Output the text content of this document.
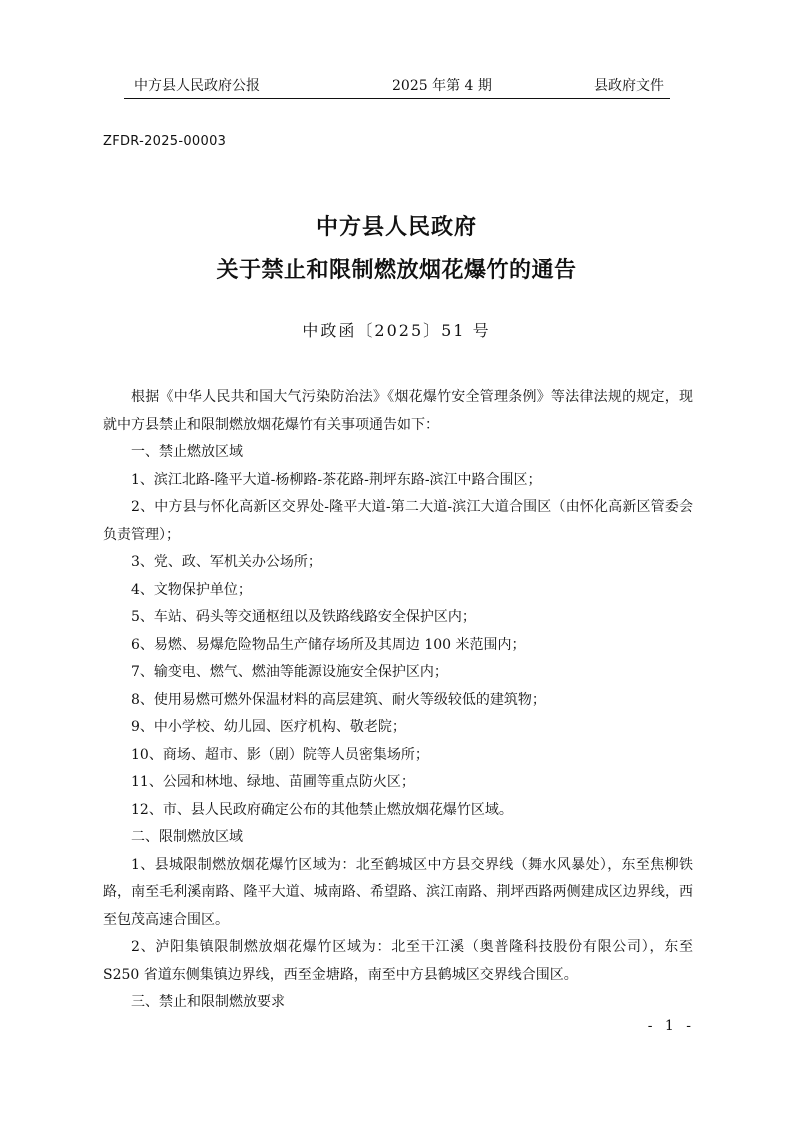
中方县人民政府公报	2025 年第 4 期	县政府文件
ZFDR-2025-00003
中方县人民政府
关于禁止和限制燃放烟花爆竹的通告
中政函〔2025〕51 号

根据《中华人民共和国大气污染防治法》《烟花爆竹安全管理条例》等法律法规的规定，现就中方县禁止和限制燃放烟花爆竹有关事项通告如下：

一、禁止燃放区域

1、滨江北路-隆平大道-杨柳路-茶花路-荆坪东路-滨江中路合围区；

2、中方县与怀化高新区交界处-隆平大道-第二大道-滨江大道合围区（由怀化高新区管委会负责管理）；

3、党、政、军机关办公场所；

4、文物保护单位；

5、车站、码头等交通枢纽以及铁路线路安全保护区内；

6、易燃、易爆危险物品生产储存场所及其周边 100 米范围内；

7、输变电、燃气、燃油等能源设施安全保护区内；

8、使用易燃可燃外保温材料的高层建筑、耐火等级较低的建筑物；

9、中小学校、幼儿园、医疗机构、敬老院；

10、商场、超市、影（剧）院等人员密集场所；

11、公园和林地、绿地、苗圃等重点防火区；

12、市、县人民政府确定公布的其他禁止燃放烟花爆竹区域。

二、限制燃放区域

1、县城限制燃放烟花爆竹区域为：北至鹤城区中方县交界线（舞水风暴处），东至焦柳铁路，南至毛利溪南路、隆平大道、城南路、希望路、滨江南路、荆坪西路两侧建成区边界线，西至包茂高速合围区。

2、泸阳集镇限制燃放烟花爆竹区域为：北至干江溪（奥普隆科技股份有限公司），东至 S250 省道东侧集镇边界线，西至金塘路，南至中方县鹤城区交界线合围区。

三、禁止和限制燃放要求

- 1 -
